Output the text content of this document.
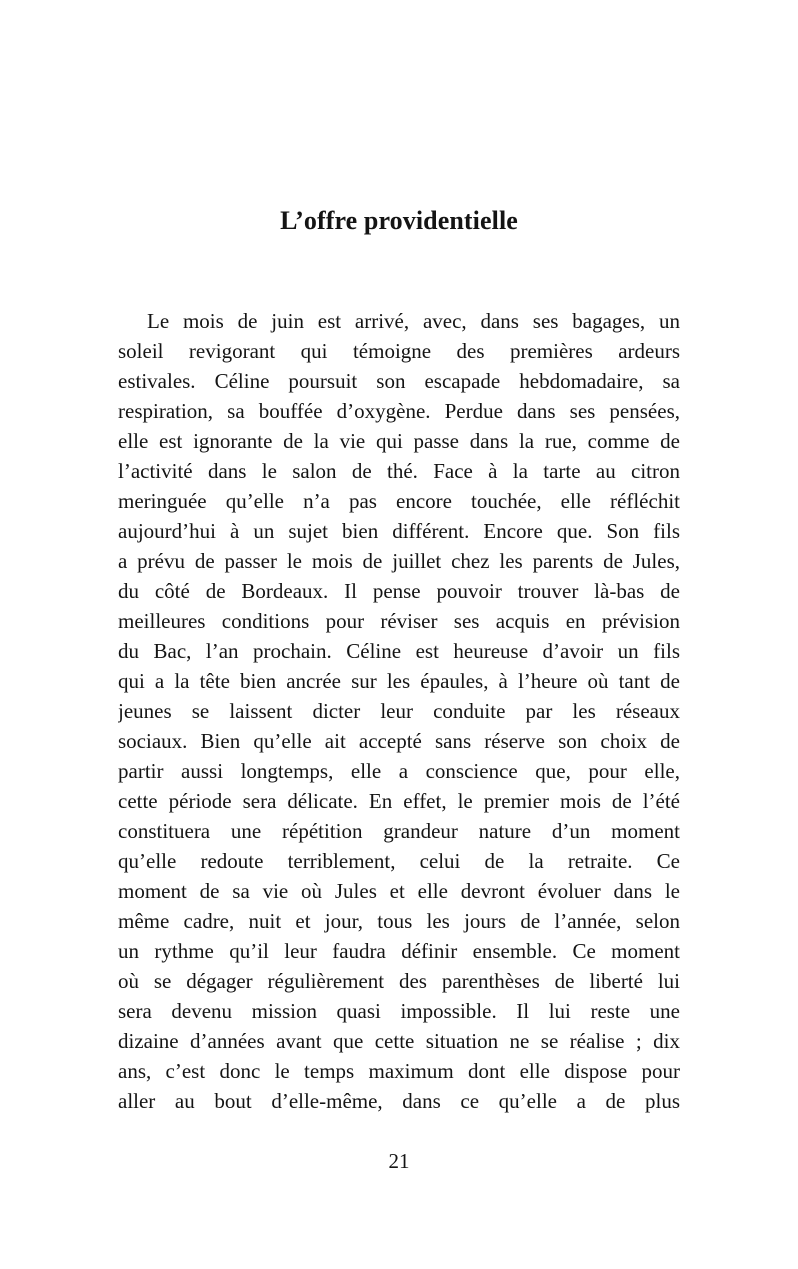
L’offre providentielle
Le mois de juin est arrivé, avec, dans ses bagages, un
soleil revigorant qui témoigne des premières ardeurs
estivales. Céline poursuit son escapade hebdomadaire, sa
respiration, sa bouffée d’oxygène. Perdue dans ses pensées,
elle est ignorante de la vie qui passe dans la rue, comme de
l’activité dans le salon de thé. Face à la tarte au citron
meringuée qu’elle n’a pas encore touchée, elle réfléchit
aujourd’hui à un sujet bien différent. Encore que. Son fils
a prévu de passer le mois de juillet chez les parents de Jules,
du côté de Bordeaux. Il pense pouvoir trouver là-bas de
meilleures conditions pour réviser ses acquis en prévision
du Bac, l’an prochain. Céline est heureuse d’avoir un fils
qui a la tête bien ancrée sur les épaules, à l’heure où tant de
jeunes se laissent dicter leur conduite par les réseaux
sociaux. Bien qu’elle ait accepté sans réserve son choix de
partir aussi longtemps, elle a conscience que, pour elle,
cette période sera délicate. En effet, le premier mois de l’été
constituera une répétition grandeur nature d’un moment
qu’elle redoute terriblement, celui de la retraite. Ce
moment de sa vie où Jules et elle devront évoluer dans le
même cadre, nuit et jour, tous les jours de l’année, selon
un rythme qu’il leur faudra définir ensemble. Ce moment
où se dégager régulièrement des parenthèses de liberté lui
sera devenu mission quasi impossible. Il lui reste une
dizaine d’années avant que cette situation ne se réalise ; dix
ans, c’est donc le temps maximum dont elle dispose pour
aller au bout d’elle-même, dans ce qu’elle a de plus

21
